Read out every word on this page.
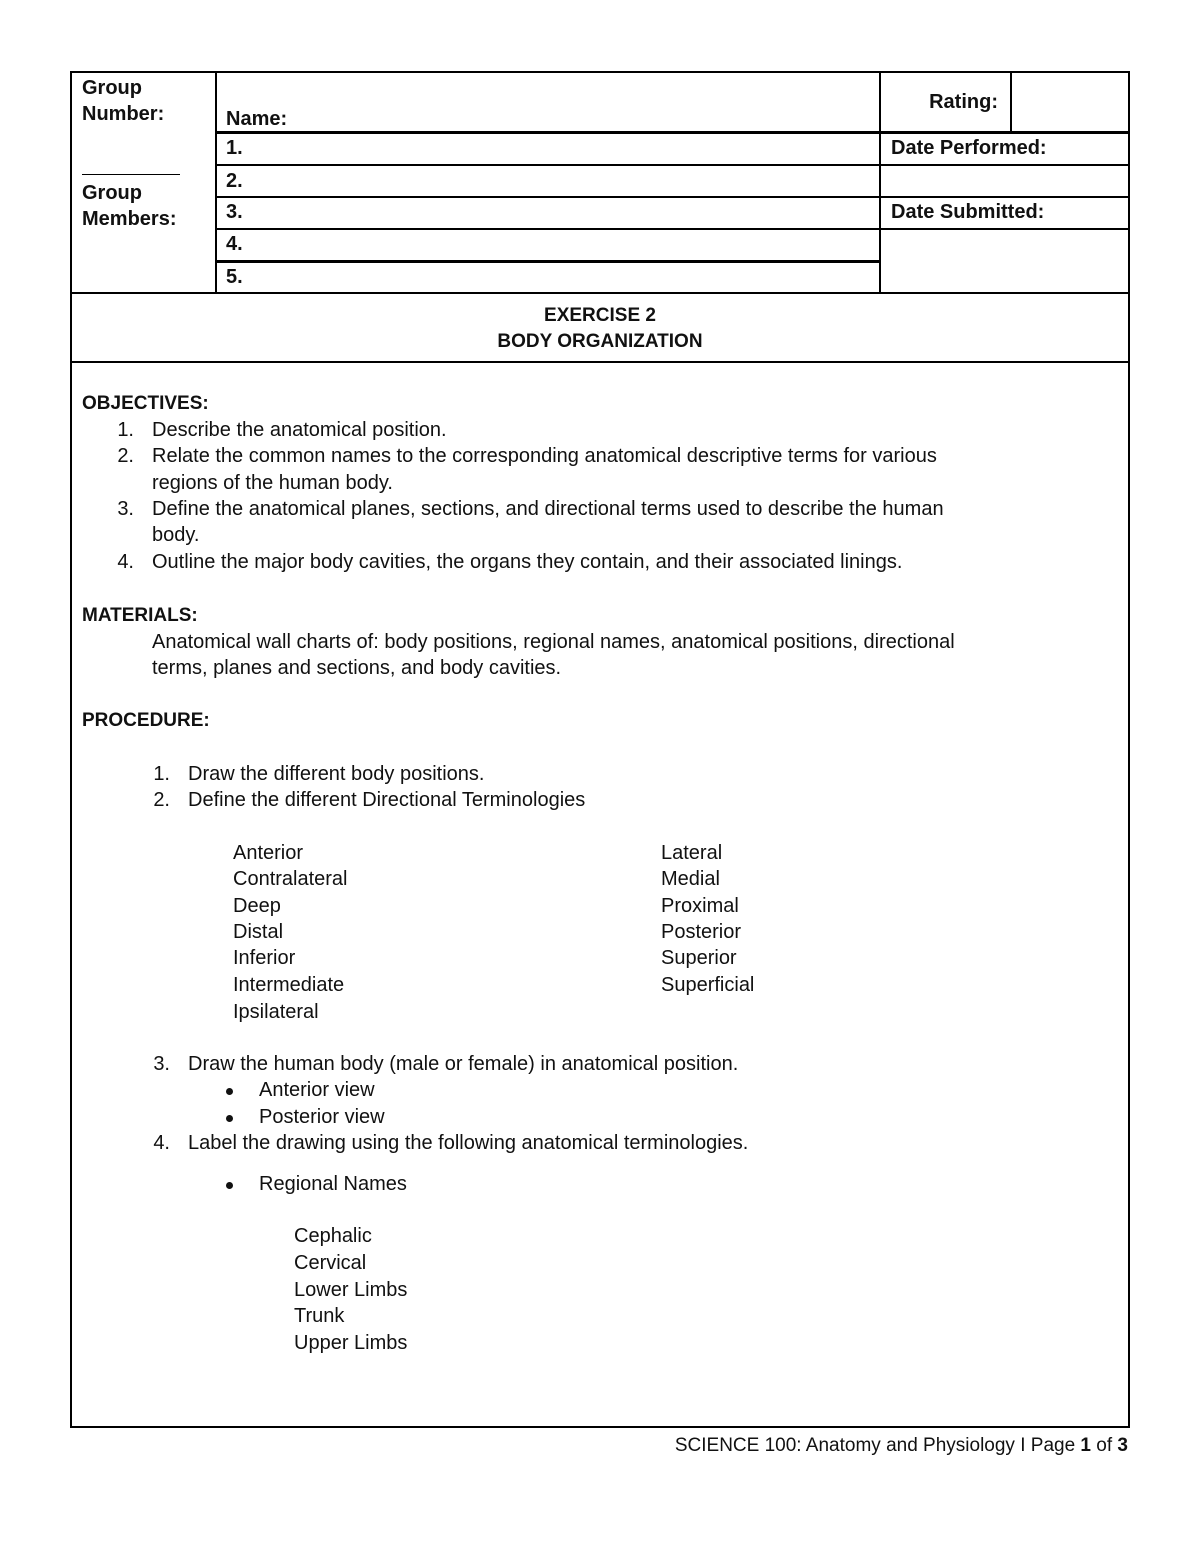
Group Number:
Group Members:
Name:
Rating:
1.
2.
3.
4.
5.
Date Performed:
Date Submitted:
EXERCISE 2
BODY ORGANIZATION
OBJECTIVES:
1. Describe the anatomical position.
2. Relate the common names to the corresponding anatomical descriptive terms for various
regions of the human body.
3. Define the anatomical planes, sections, and directional terms used to describe the human
body.
4. Outline the major body cavities, the organs they contain, and their associated linings.
MATERIALS:
Anatomical wall charts of: body positions, regional names, anatomical positions, directional
terms, planes and sections, and body cavities.
PROCEDURE:
1. Draw the different body positions.
2. Define the different Directional Terminologies
Anterior
Contralateral
Deep
Distal
Inferior
Intermediate
Ipsilateral
Lateral
Medial
Proximal
Posterior
Superior
Superficial
3. Draw the human body (male or female) in anatomical position.
Anterior view
Posterior view
4. Label the drawing using the following anatomical terminologies.
Regional Names
Cephalic
Cervical
Lower Limbs
Trunk
Upper Limbs
SCIENCE 100: Anatomy and Physiology I Page 1 of 3
